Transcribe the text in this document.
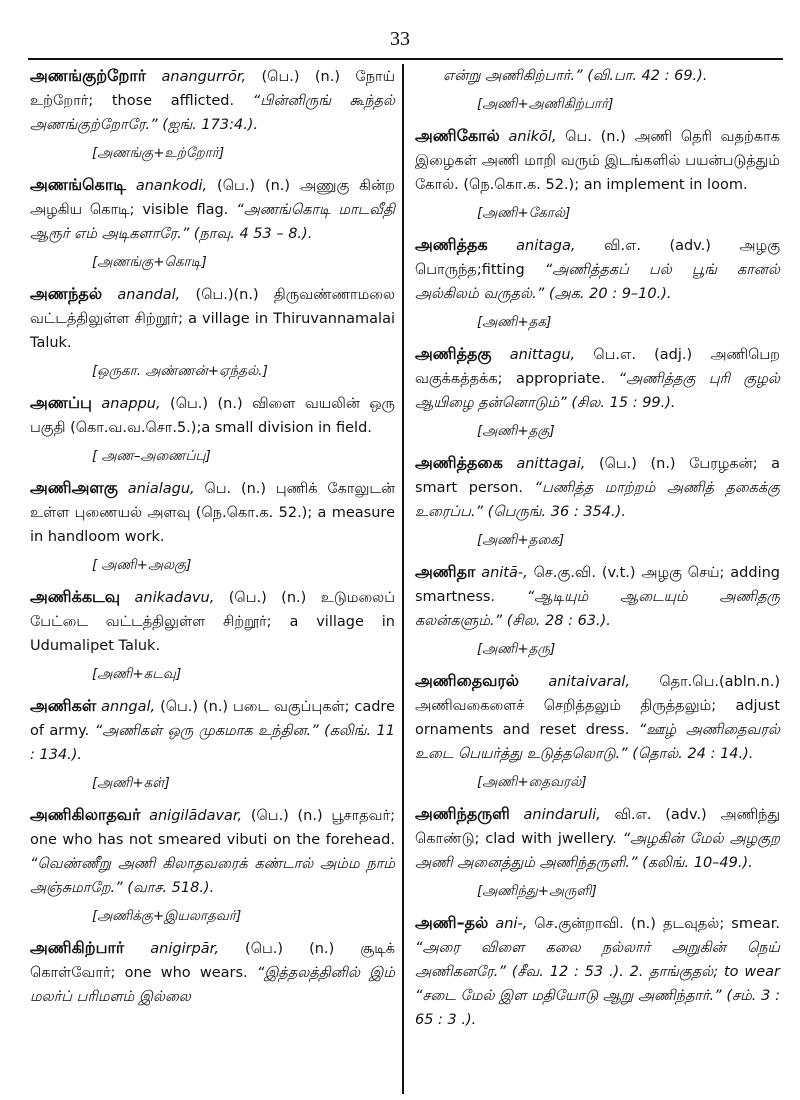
33
அணங்குற்றோர் anangurrōr, (பெ.) (n.) நோய் உற்றோர்; those afflicted. “பின்னிருங் கூந்தல் அணங்குற்றோரே.” (ஐங். 173:4.).
[அணங்கு+உற்றோர்]
அணங்கொடி anankodi, (பெ.) (n.) அணுகு கின்ற அழகிய கொடி; visible flag. “அணங்கொடி மாடவீதி ஆரூர் எம் அடிகளாரே.” (நாவு. 4 53 – 8.).
[அணங்கு+கொடி]
அணந்தல் anandal, (பெ.)(n.) திருவண்ணாமலை வட்டத்திலுள்ள சிற்றூர்; a village in Thiruvannamalai Taluk.
[ஒருகா. அண்ணன்+ஏந்தல்.]
அணப்பு anappu, (பெ.) (n.) விளை வயலின் ஒரு பகுதி (கொ.வ.வ.சொ.5.);a small division in field.
[ அண–அணைப்பு]
அணிஅளகு anialagu, பெ. (n.) புணிக் கோலுடன் உள்ள புணையல் அளவு (நெ.கொ.க. 52.); a measure in handloom work.
[ அணி+அலகு]
அணிக்கடவு anikadavu, (பெ.) (n.) உடுமலைப் பேட்டை வட்டத்திலுள்ள சிற்றூர்; a village in Udumalipet Taluk.
[அணி+கடவு]
அணிகள் anngal, (பெ.) (n.) படை வகுப்புகள்; cadre of army. “அணிகள் ஒரு முகமாக உந்தின.” (கலிங். 11 : 134.).
[அணி+கள்]
அணிகிலாதவர் anigilādavar, (பெ.) (n.) பூசாதவர்; one who has not smeared vibuti on the forehead. “வெண்ணீறு அணி கிலாதவரைக் கண்டால் அம்ம நாம் அஞ்சுமாறே.” (வாச. 518.).
[அணிக்கு+இயலாதவர்]
அணிகிற்பார் anigirpār, (பெ.) (n.) சூடிக் கொள்வோர்; one who wears. “இத்தலத்தினில் இம் மலர்ப் பரிமளம் இல்லை
என்று அணிகிற்பார்.” (வி.பா. 42 : 69.).
[அணி+அணிகிற்பார்]
அணிகோல் anikōl, பெ. (n.) அணி தெரி வதற்காக இழைகள் அணி மாறி வரும் இடங்களில் பயன்படுத்தும் கோல். (நெ.கொ.க. 52.); an implement in loom.
[அணி+கோல்]
அணித்தக anitaga, வி.எ. (adv.) அழகு பொருந்த;fitting “அணித்தகப் பல் பூங் கானல் அல்கிலம் வருதல்.” (அக. 20 : 9–10.).
[அணி+தக]
அணித்தகு anittagu, பெ.எ. (adj.) அணிபெற வகுக்கத்தக்க; appropriate. “அணித்தகு புரி குழல் ஆயிழை தன்னொடும்” (சில. 15 : 99.).
[அணி+தகு]
அணித்தகை anittagai, (பெ.) (n.) பேரழகன்; a smart person. “பணித்த மாற்றம் அணித் தகைக்கு உரைப்ப.” (பெருங். 36 : 354.).
[அணி+தகை]
அணிதா anitā-, செ.கு.வி. (v.t.) அழகு செய்; adding smartness. “ஆடியும் ஆடையும் அணிதரு கலன்களும்.” (சில. 28 : 63.).
[அணி+தரு]
அணிதைவரல் anitaivaral, தொ.பெ.(abln.n.) அணிவகைளைச் செறித்தலும் திருத்தலும்; adjust ornaments and reset dress. “ஊழ் அணிதைவரல் உடை பெயர்த்து உடுத்தலொடு.” (தொல். 24 : 14.).
[அணி+தைவரல்]
அணிந்தருளி anindaruli, வி.எ. (adv.) அணிந்து கொண்டு; clad with jwellery. “அழகின் மேல் அழகுற அணி அனைத்தும் அணிந்தருளி.” (கலிங். 10–49.).
[அணிந்து+அருளி]
அணி–தல் ani-, செ.குன்றாவி. (n.) தடவுதல்; smear. “அரை விளை கலை நல்லார் அறுகின் நெய் அணிகனரே.” (சீவ. 12 : 53 .). 2. தாங்குதல்; to wear “சடை மேல் இள மதியோடு ஆறு அணிந்தார்.” (சம். 3 : 65 : 3 .).
